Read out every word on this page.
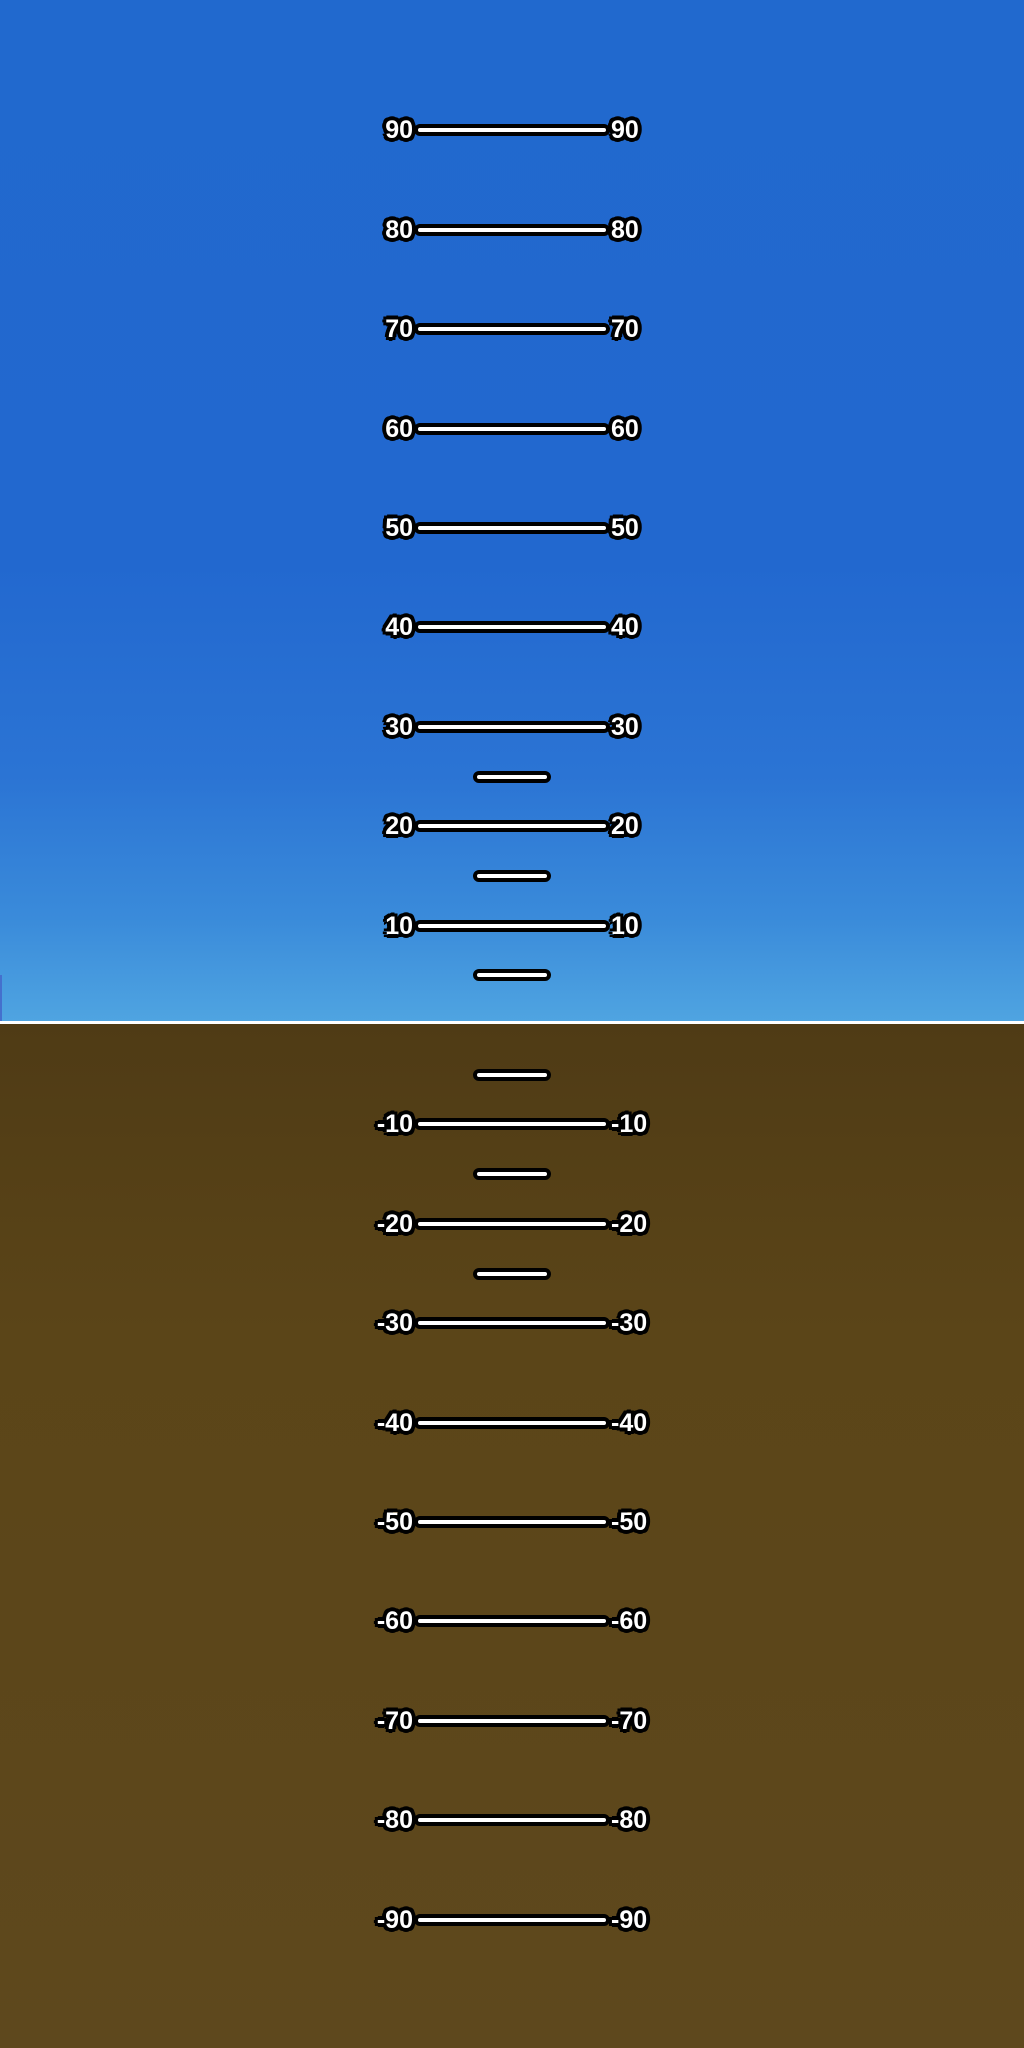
90	90
80	80
70	70
60	60
50	50
40	40
30	30
20	20
10	10
-10	-10
-20	-20
-30	-30
-40	-40
-50	-50
-60	-60
-70	-70
-80	-80
-90	-90
